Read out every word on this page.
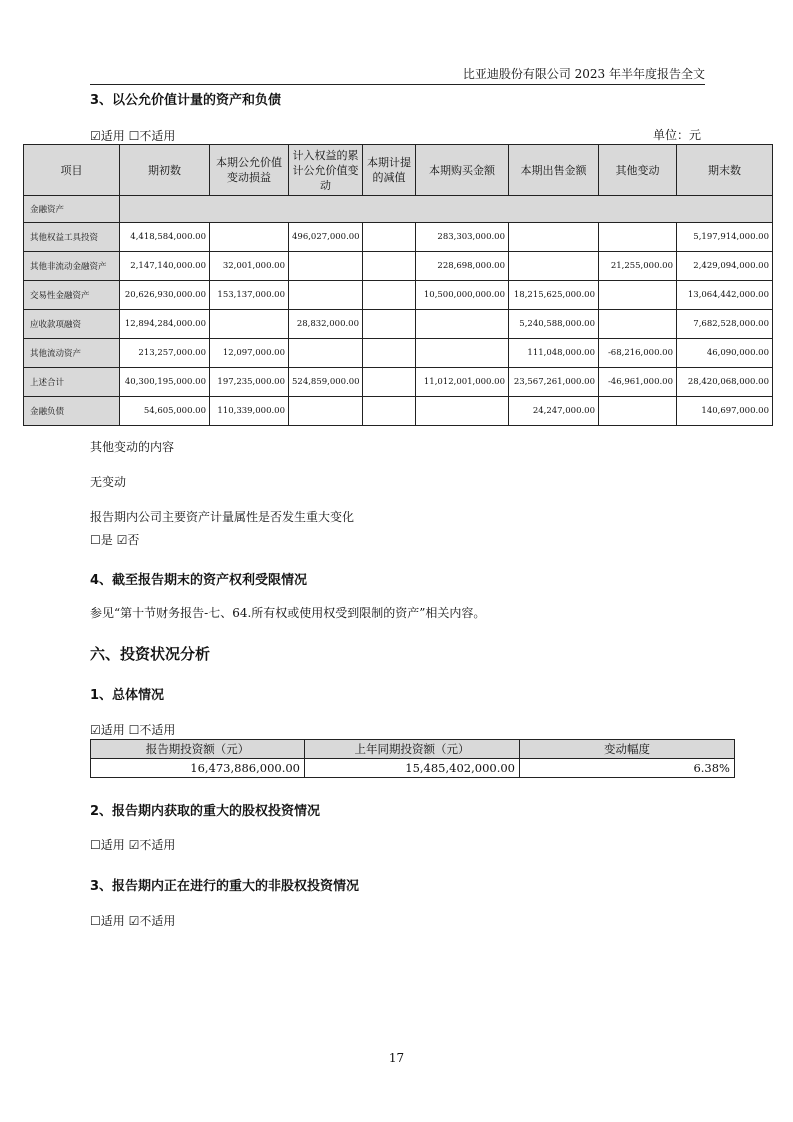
比亚迪股份有限公司 2023 年半年度报告全文
3、以公允价值计量的资产和负债
☑适用 ☐不适用	单位：元
项目	期初数	本期公允价值变动损益	计入权益的累计公允价值变动	本期计提的减值	本期购买金额	本期出售金额	其他变动	期末数
金融资产								
其他权益工具投资	4,418,584,000.00		496,027,000.00		283,303,000.00			5,197,914,000.00
其他非流动金融资产	2,147,140,000.00	32,001,000.00			228,698,000.00		21,255,000.00	2,429,094,000.00
交易性金融资产	20,626,930,000.00	153,137,000.00			10,500,000,000.00	18,215,625,000.00		13,064,442,000.00
应收款项融资	12,894,284,000.00		28,832,000.00			5,240,588,000.00		7,682,528,000.00
其他流动资产	213,257,000.00	12,097,000.00				111,048,000.00	-68,216,000.00	46,090,000.00
上述合计	40,300,195,000.00	197,235,000.00	524,859,000.00		11,012,001,000.00	23,567,261,000.00	-46,961,000.00	28,420,068,000.00
金融负债	54,605,000.00	110,339,000.00				24,247,000.00		140,697,000.00
其他变动的内容
无变动
报告期内公司主要资产计量属性是否发生重大变化
☐是 ☑否
4、截至报告期末的资产权利受限情况
参见“第十节财务报告-七、64.所有权或使用权受到限制的资产”相关内容。
六、投资状况分析
1、总体情况
☑适用 ☐不适用
报告期投资额（元）	上年同期投资额（元）	变动幅度
16,473,886,000.00	15,485,402,000.00	6.38%
2、报告期内获取的重大的股权投资情况
☐适用 ☑不适用
3、报告期内正在进行的重大的非股权投资情况
☐适用 ☑不适用
17
